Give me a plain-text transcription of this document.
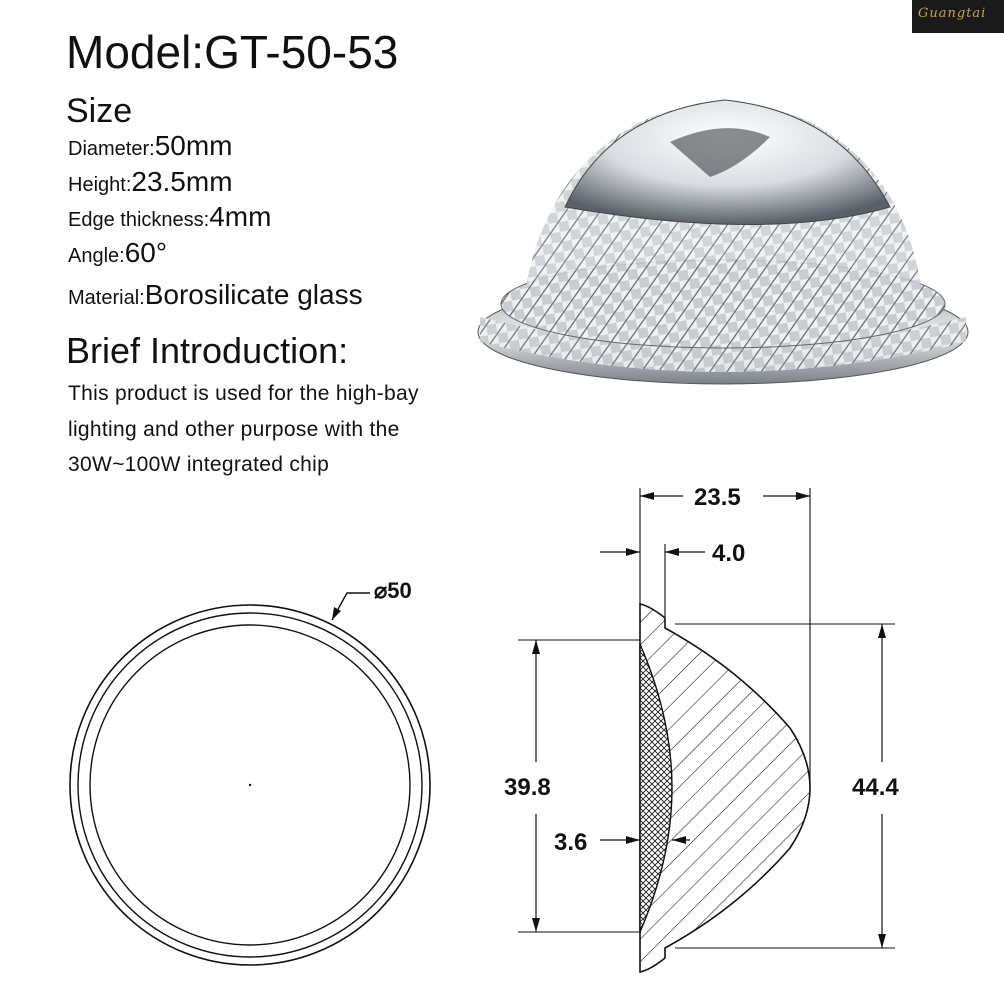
Guangtai
Model:GT-50-53
Size
Diameter:50mm
Height:23.5mm
Edge thickness:4mm
Angle:60°
Material:Borosilicate glass
Brief Introduction:
This product is used for the high-bay
lighting and other purpose with the
30W~100W integrated chip
⌀50
23.5
4.0
39.8	44.4
3.6
